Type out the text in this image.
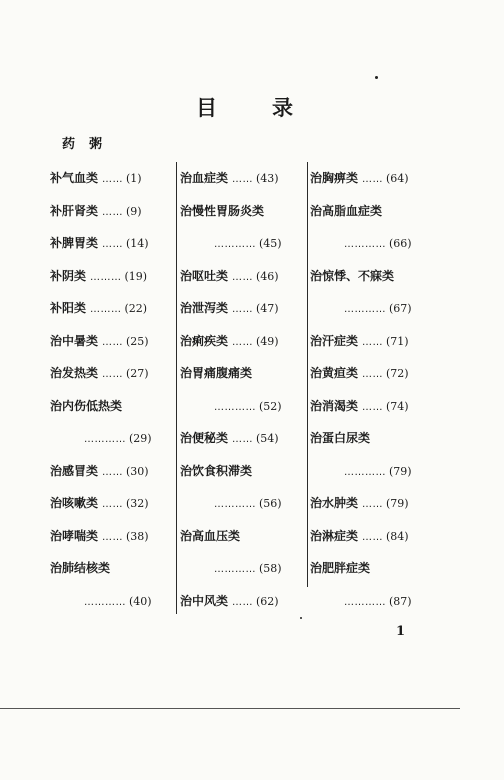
目	录
药粥
补气血类 …… (1)
补肝肾类 …… (9)
补脾胃类 …… (14)
补阴类 ……… (19)
补阳类 ……… (22)
治中暑类 …… (25)
治发热类 …… (27)
治内伤低热类
………… (29)
治感冒类 …… (30)
治咳嗽类 …… (32)
治哮喘类 …… (38)
治肺结核类
………… (40)
治血症类 …… (43)
治慢性胃肠炎类
………… (45)
治呕吐类 …… (46)
治泄泻类 …… (47)
治痢疾类 …… (49)
治胃痛腹痛类
………… (52)
治便秘类 …… (54)
治饮食积滞类
………… (56)
治高血压类
………… (58)
治中风类 …… (62)
治胸痹类 …… (64)
治高脂血症类
………… (66)
治惊悸、不寐类
………… (67)
治汗症类 …… (71)
治黄疸类 …… (72)
治消渴类 …… (74)
治蛋白尿类
………… (79)
治水肿类 …… (79)
治淋症类 …… (84)
治肥胖症类
………… (87)
1
